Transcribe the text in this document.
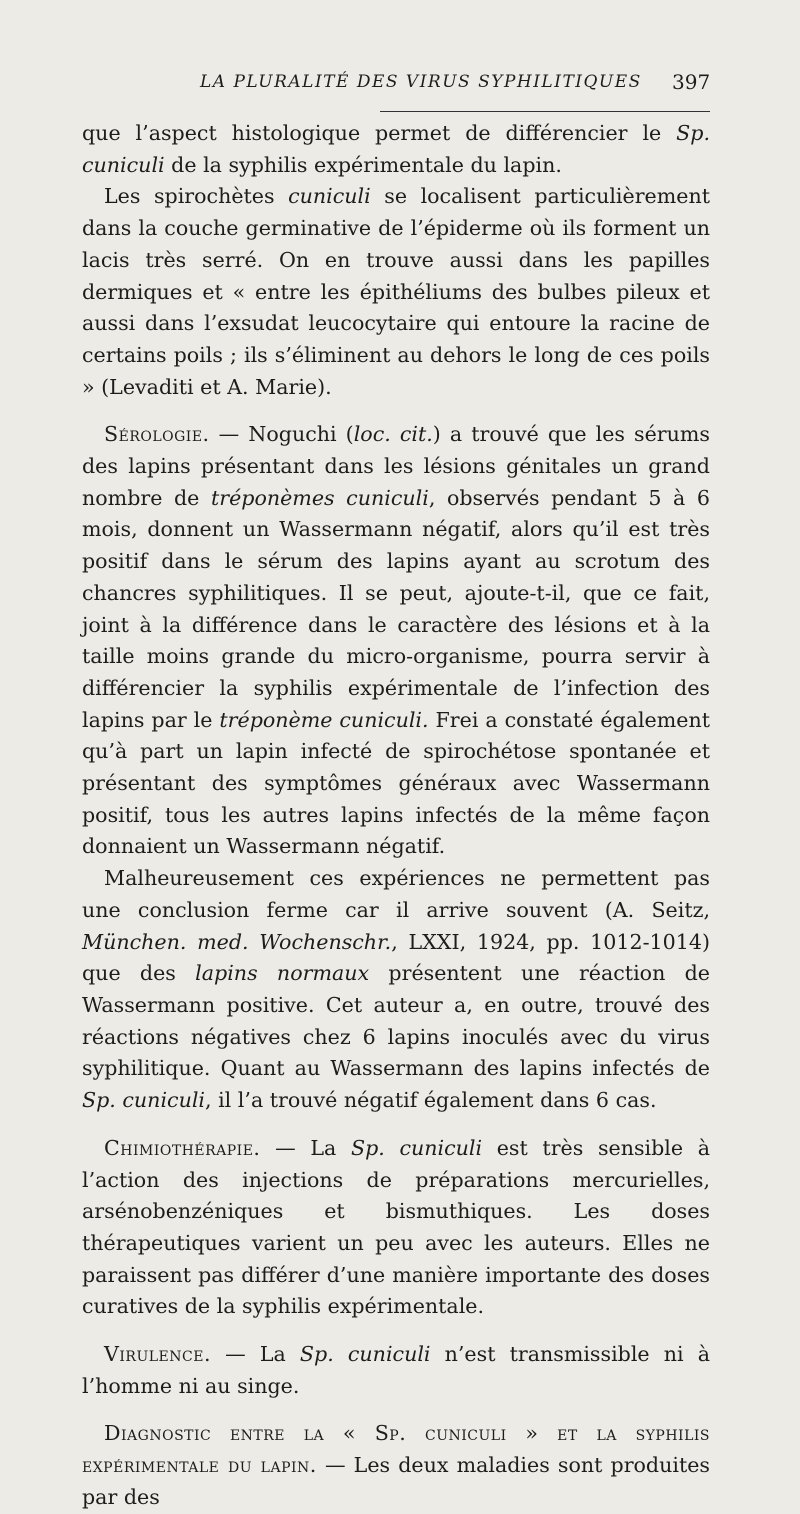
LA PLURALITÉ DES VIRUS SYPHILITIQUES 397

que l’aspect histologique permet de différencier le Sp. cuniculi de la syphilis expérimentale du lapin.

Les spirochètes cuniculi se localisent particulièrement dans la couche germinative de l’épiderme où ils forment un lacis très serré. On en trouve aussi dans les papilles dermiques et « entre les épithéliums des bulbes pileux et aussi dans l’exsudat leucocytaire qui entoure la racine de certains poils ; ils s’éliminent au dehors le long de ces poils » (Levaditi et A. Marie).

Sérologie. — Noguchi (loc. cit.) a trouvé que les sérums des lapins présentant dans les lésions génitales un grand nombre de tréponèmes cuniculi, observés pendant 5 à 6 mois, donnent un Wassermann négatif, alors qu’il est très positif dans le sérum des lapins ayant au scrotum des chancres syphilitiques. Il se peut, ajoute-t-il, que ce fait, joint à la différence dans le caractère des lésions et à la taille moins grande du micro-organisme, pourra servir à différencier la syphilis expérimentale de l’infection des lapins par le tréponème cuniculi. Frei a constaté également qu’à part un lapin infecté de spirochétose spontanée et présentant des symptômes généraux avec Wassermann positif, tous les autres lapins infectés de la même façon donnaient un Wassermann négatif.

Malheureusement ces expériences ne permettent pas une conclusion ferme car il arrive souvent (A. Seitz, München. med. Wochenschr., LXXI, 1924, pp. 1012-1014) que des lapins normaux présentent une réaction de Wassermann positive. Cet auteur a, en outre, trouvé des réactions négatives chez 6 lapins inoculés avec du virus syphilitique. Quant au Wassermann des lapins infectés de Sp. cuniculi, il l’a trouvé négatif également dans 6 cas.

Chimiothérapie. — La Sp. cuniculi est très sensible à l’action des injections de préparations mercurielles, arsénobenzéniques et bismuthiques. Les doses thérapeutiques varient un peu avec les auteurs. Elles ne paraissent pas différer d’une manière importante des doses curatives de la syphilis expérimentale.

Virulence. — La Sp. cuniculi n’est transmissible ni à l’homme ni au singe.

Diagnostic entre la « Sp. cuniculi » et la syphilis expérimentale du lapin. — Les deux maladies sont produites par des
